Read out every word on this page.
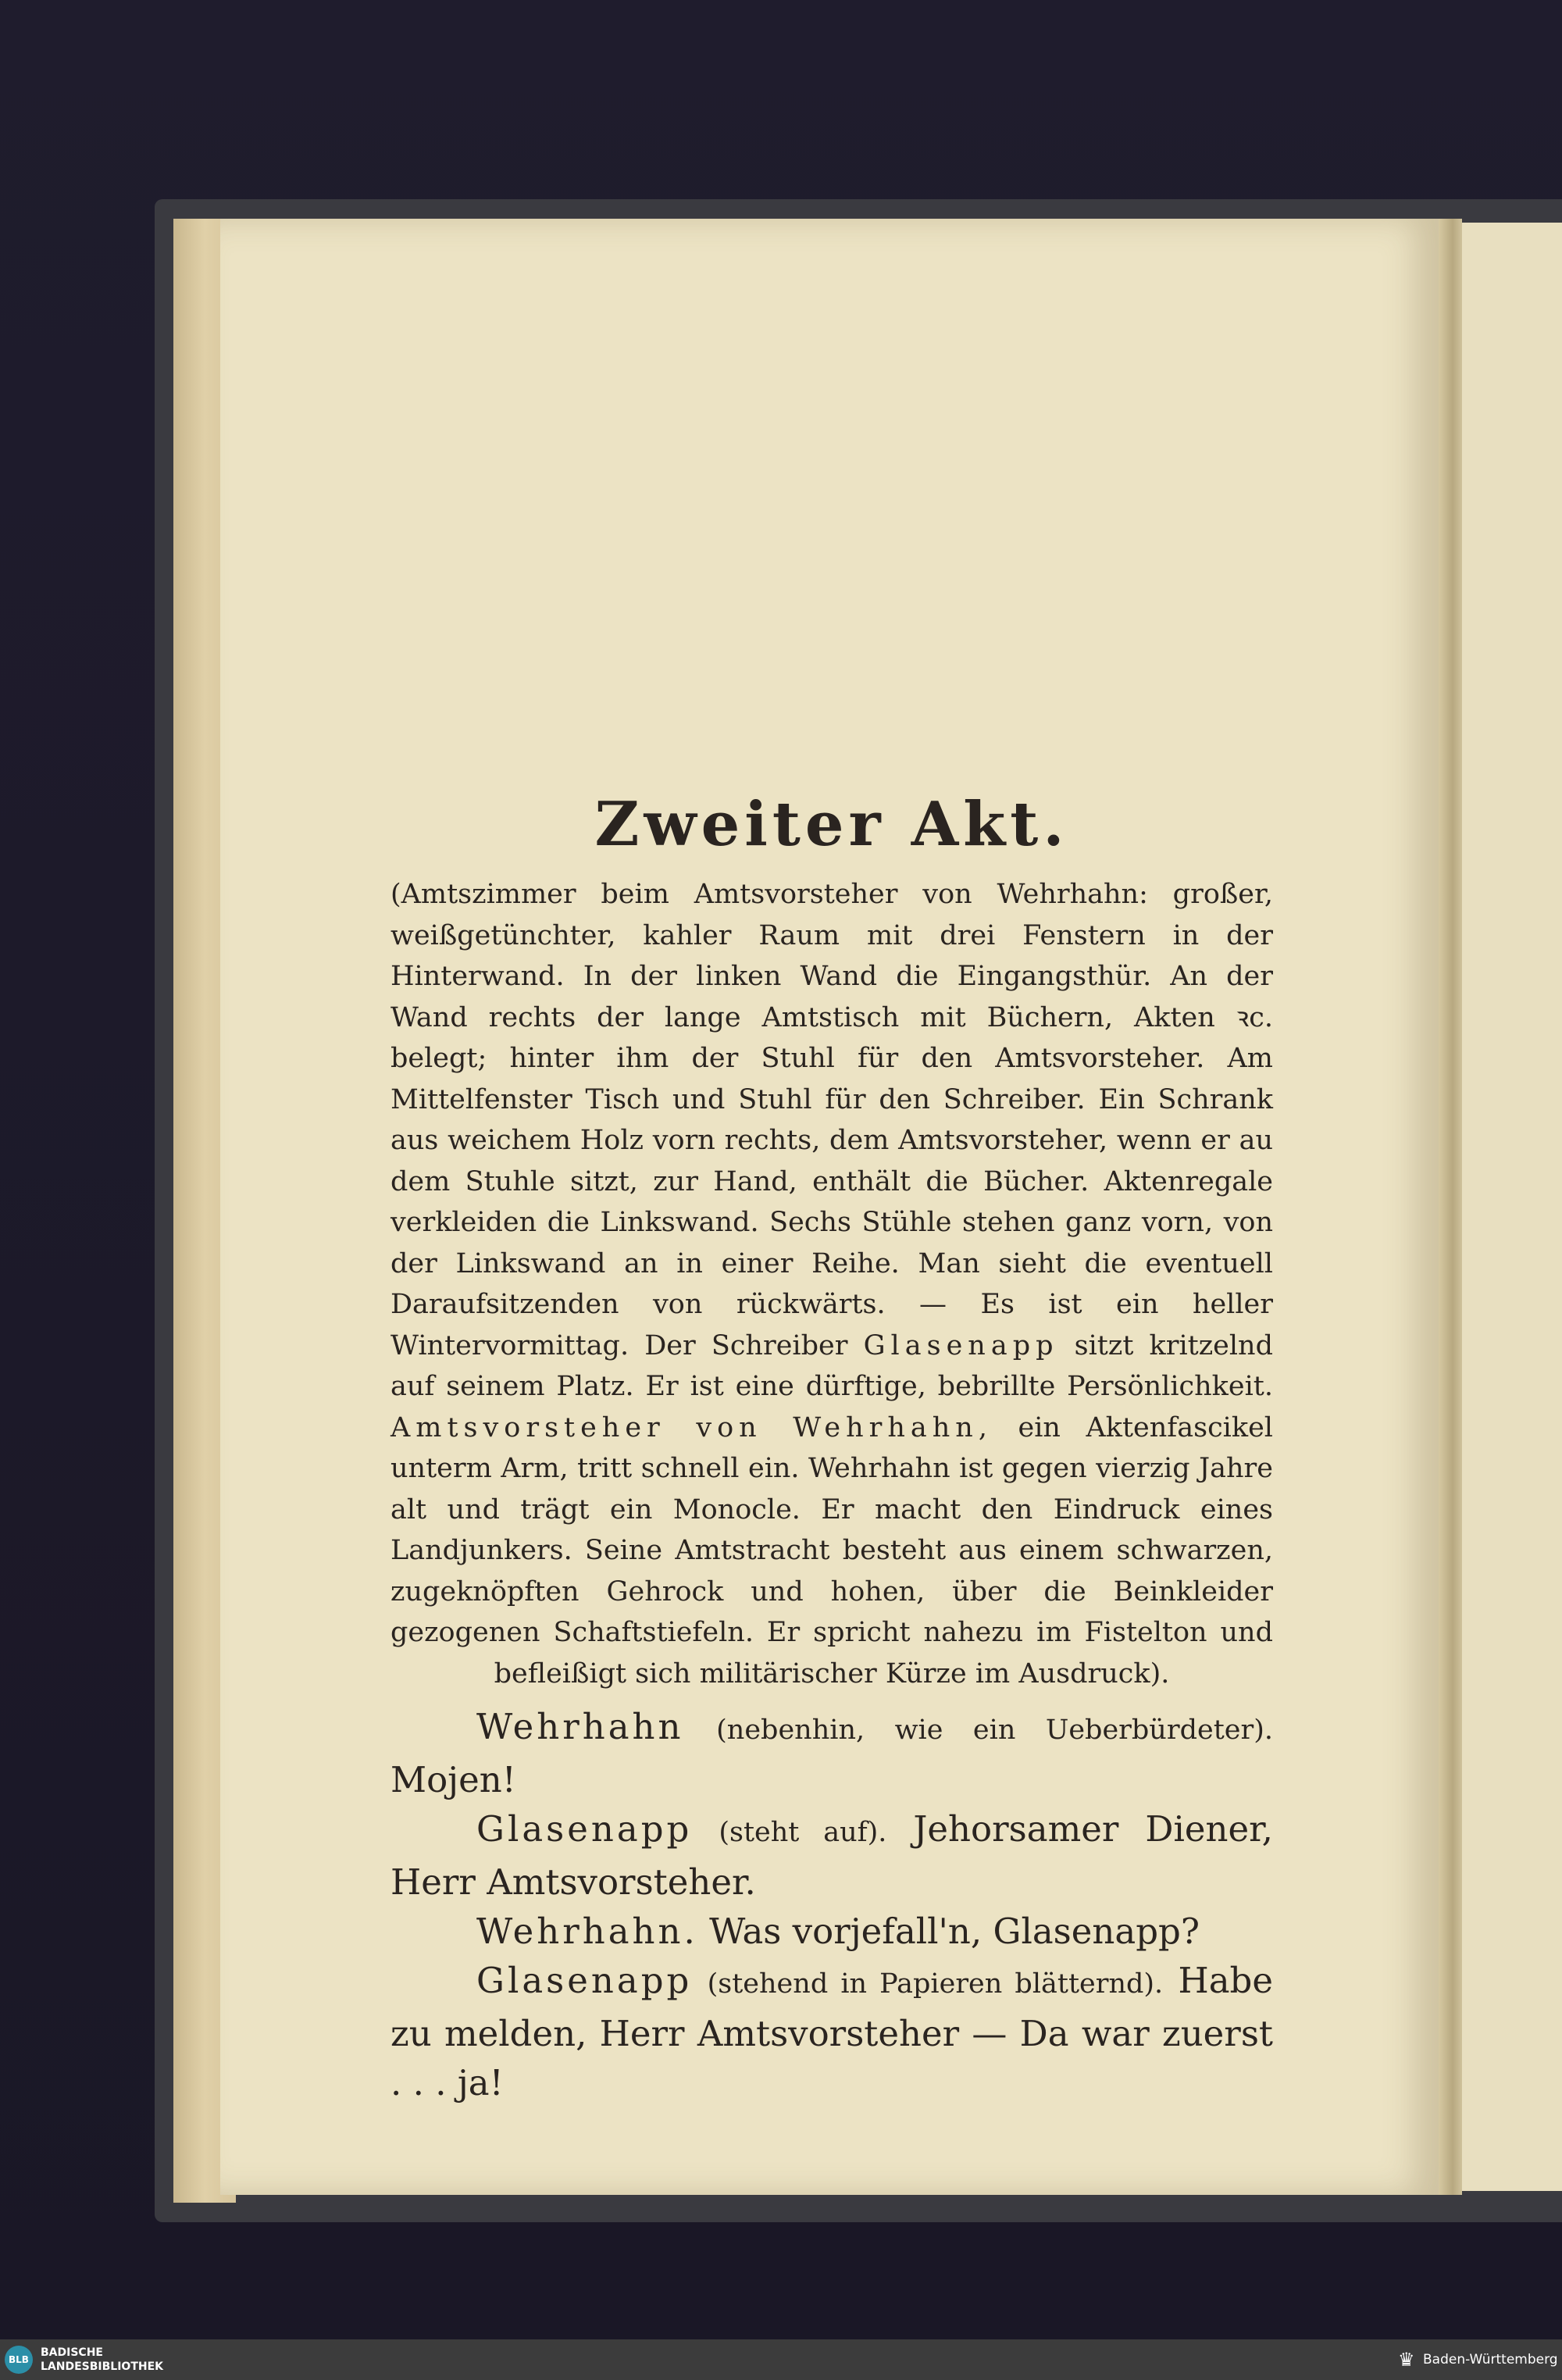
Zweiter Akt.

(Amtszimmer beim Amtsvorsteher von Wehrhahn: großer, weißgetünchter, kahler Raum mit drei Fenstern in der Hinterwand. In der linken Wand die Eingangsthür. An der Wand rechts der lange Amtstisch mit Büchern, Akten ꝛc. belegt; hinter ihm der Stuhl für den Amtsvorsteher. Am Mittelfenster Tisch und Stuhl für den Schreiber. Ein Schrank aus weichem Holz vorn rechts, dem Amtsvorsteher, wenn er au dem Stuhle sitzt, zur Hand, enthält die Bücher. Aktenregale verkleiden die Linkswand. Sechs Stühle stehen ganz vorn, von der Linkswand an in einer Reihe. Man sieht die eventuell Daraufsitzenden von rückwärts. — Es ist ein heller Wintervormittag. Der Schreiber Glasenapp sitzt kritzelnd auf seinem Platz. Er ist eine dürftige, bebrillte Persönlichkeit. Amtsvorsteher von Wehrhahn, ein Aktenfascikel unterm Arm, tritt schnell ein. Wehrhahn ist gegen vierzig Jahre alt und trägt ein Monocle. Er macht den Eindruck eines Landjunkers. Seine Amtstracht besteht aus einem schwarzen, zugeknöpften Gehrock und hohen, über die Beinkleider gezogenen Schaftstiefeln. Er spricht nahezu im Fistelton und befleißigt sich militärischer Kürze im Ausdruck).

Wehrhahn (nebenhin, wie ein Ueberbürdeter). Mojen!
Glasenapp (steht auf). Jehorsamer Diener, Herr Amtsvorsteher.
Wehrhahn. Was vorjefall'n, Glasenapp?
Glasenapp (stehend in Papieren blätternd). Habe zu melden, Herr Amtsvorsteher — Da war zuerst . . . ja!

BLB
BADISCHE
LANDESBIBLIOTHEK	♛ Baden-Württemberg
